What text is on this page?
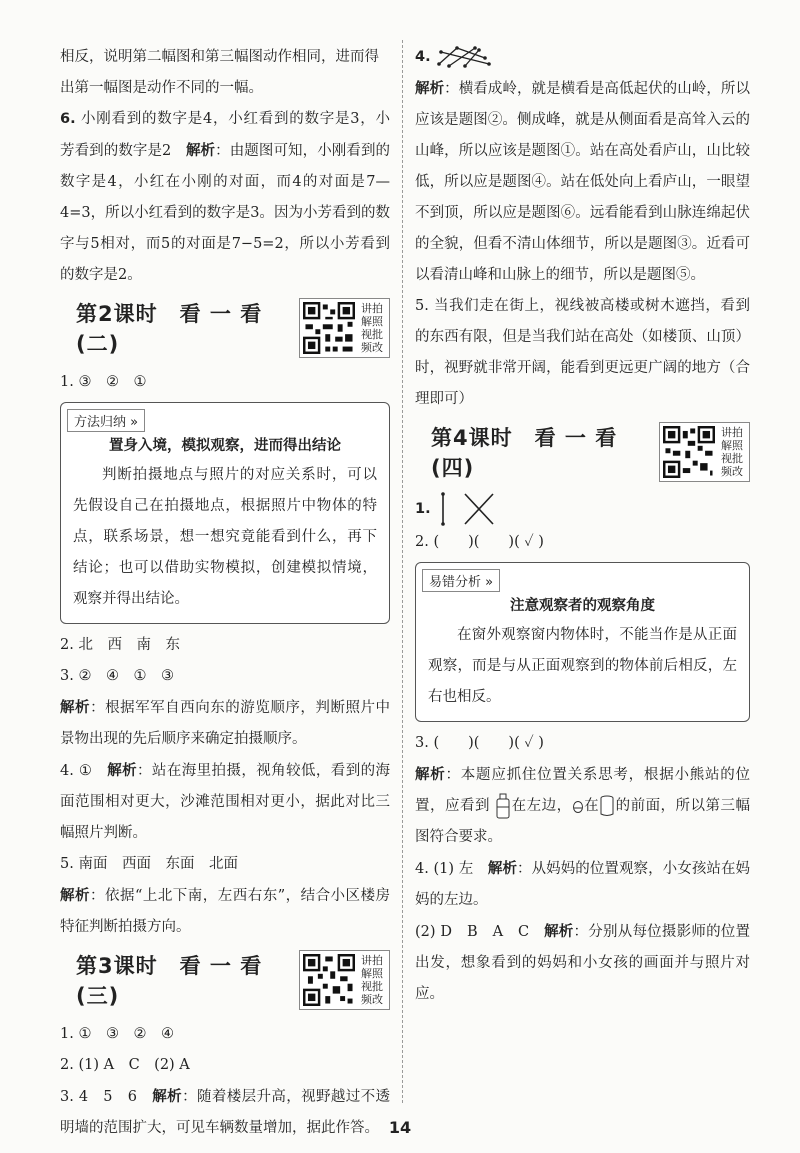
相反，说明第二幅图和第三幅图动作相同，进而得

出第一幅图是动作不同的一幅。

6. 小刚看到的数字是4，小红看到的数字是3，小 芳看到的数字是2　 解析：由题图可知，小刚看到的数字是4，小红在小刚的对面，而4的对面是7—4=3，所以小红看到的数字是3。因为小芳看到的数字与5相对，而5的对面是7−5=2，所以小芳看到的数字是2。

第2课时　看 一 看(二)
讲拍解照视批频改

1. ③　②　①

方法归纳 »
置身入境，模拟观察，进而得出结论

判断拍摄地点与照片的对应关系时，可以先假设自己在拍摄地点，根据照片中物体的特点，联系场景，想一想究竟能看到什么，再下结论；也可以借助实物模拟，创建模拟情境，观察并得出结论。

2. 北　西　南　东

3. ②　④　①　③

解析：根据军军自西向东的游览顺序，判断照片中景物出现的先后顺序来确定拍摄顺序。

4. ①　 解析：站在海里拍摄，视角较低，看到的海面范围相对更大，沙滩范围相对更小，据此对比三幅照片判断。

5. 南面　西面　东面　北面

解析：依据“上北下南，左西右东”，结合小区楼房特征判断拍摄方向。

第3课时　看 一 看(三)
讲拍解照视批频改

1. ①　③　②　④

2. (1) A　C　(2) A

3. 4　5　6　 解析：随着楼层升高，视野越过不透明墙的范围扩大，可见车辆数量增加，据此作答。

4.

解析：横看成岭，就是横看是高低起伏的山岭，所以应该是题图②。侧成峰，就是从侧面看是高耸入云的山峰，所以应该是题图①。站在高处看庐山，山比较低，所以应是题图④。站在低处向上看庐山，一眼望不到顶，所以应是题图⑥。远看能看到山脉连绵起伏的全貌，但看不清山体细节，所以是题图③。近看可以看清山峰和山脉上的细节，所以是题图⑤。

5. 当我们走在街上，视线被高楼或树木遮挡，看到的东西有限，但是当我们站在高处（如楼顶、山顶）时，视野就非常开阔，能看到更远更广阔的地方（合理即可）

第4课时　看 一 看(四)
讲拍解照视批频改

1.

2. (　　)(　　)( ✓ )

易错分析 »
注意观察者的观察角度

在窗外观察窗内物体时，不能当作是从正面观察，而是与从正面观察到的物体前后相反，左右也相反。

3. (　　)(　　)( ✓ )

解析：本题应抓住位置关系思考，根据小熊站的位置，应看到 在左边， 在 的前面，所以第三幅图符合要求。

4. (1) 左　 解析：从妈妈的位置观察，小女孩站在妈妈的左边。

(2) D　B　A　C　 解析：分别从每位摄影师的位置出发，想象看到的妈妈和小女孩的画面并与照片对应。

14
